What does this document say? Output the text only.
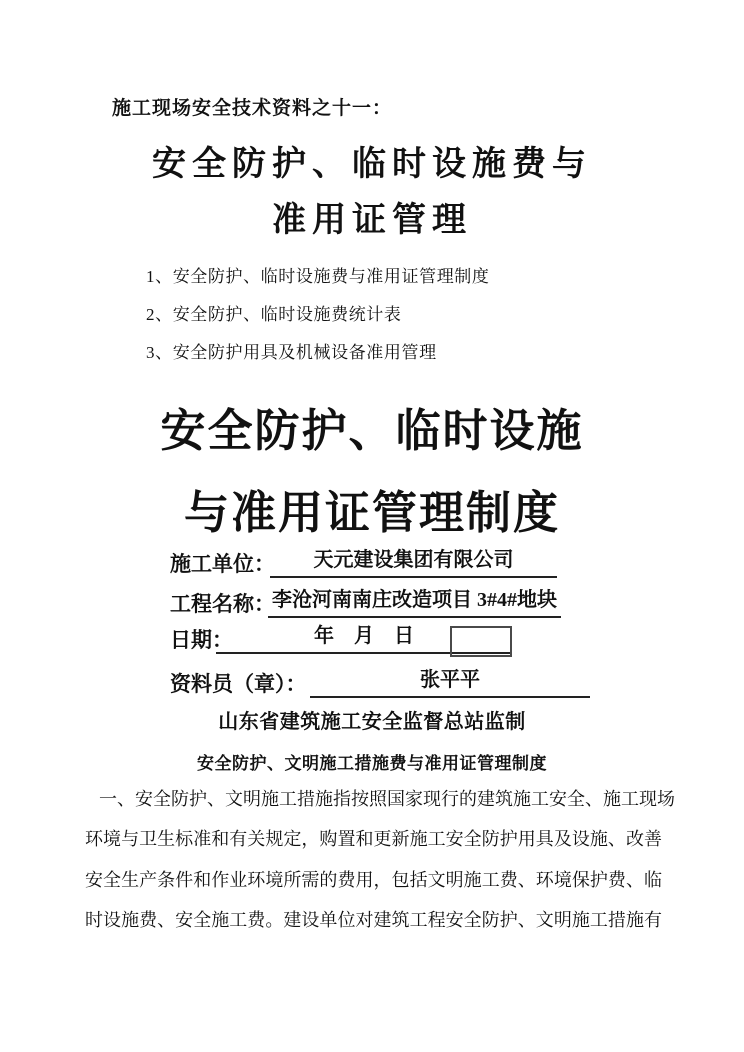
施工现场安全技术资料之十一：
安全防护、临时设施费与
准用证管理
1、安全防护、临时设施费与准用证管理制度
2、安全防护、临时设施费统计表
3、安全防护用具及机械设备准用管理
安全防护、临时设施
与准用证管理制度
施工单位：	天元建设集团有限公司
工程名称：
李沧河南南庄改造项目 3#4#地块
日期：	年　月　日
资料员（章）：	张平平
山东省建筑施工安全监督总站监制
安全防护、文明施工措施费与准用证管理制度
一、安全防护、文明施工措施指按照国家现行的建筑施工安全、施工现场
环境与卫生标准和有关规定，购置和更新施工安全防护用具及设施、改善
安全生产条件和作业环境所需的费用，包括文明施工费、环境保护费、临
时设施费、安全施工费。建设单位对建筑工程安全防护、文明施工措施有
